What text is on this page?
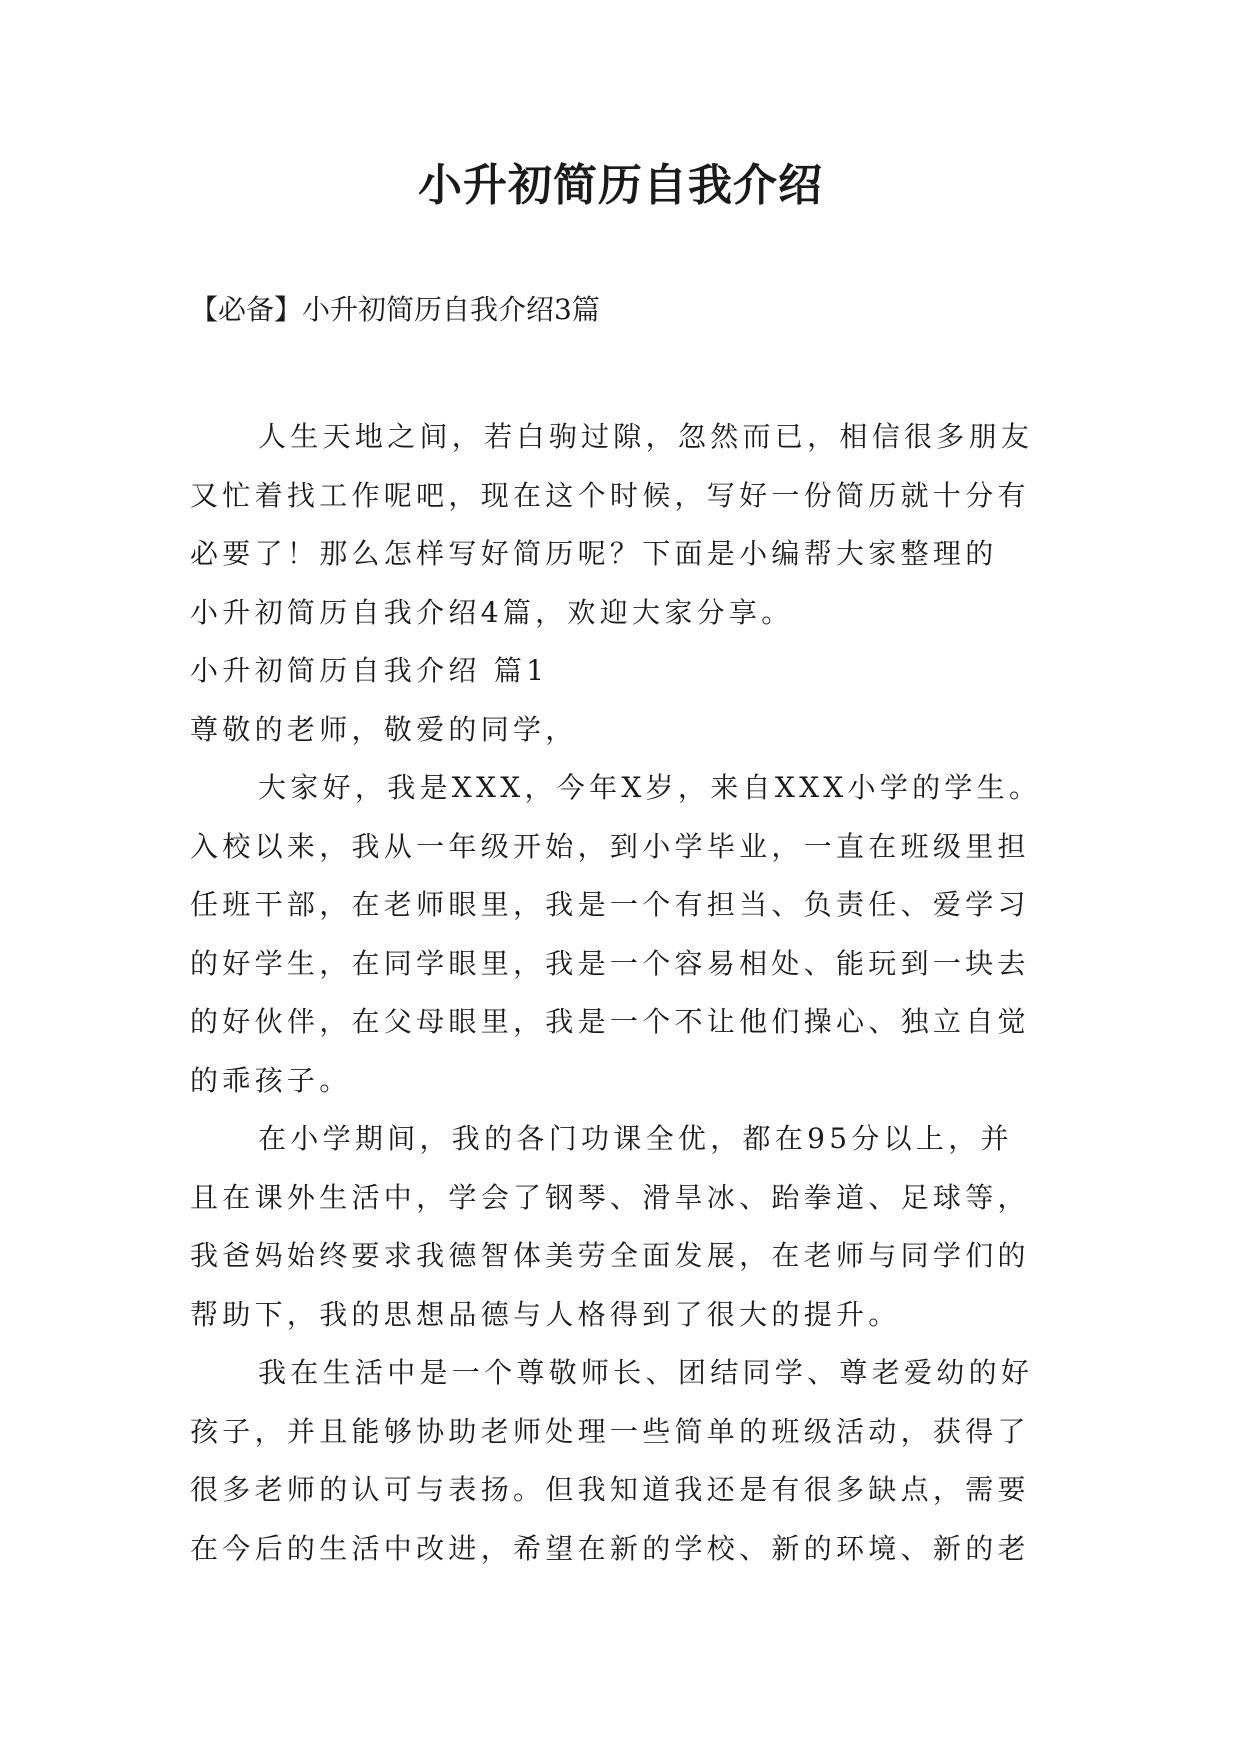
小升初简历自我介绍

【必备】小升初简历自我介绍3篇

人生天地之间，若白驹过隙，忽然而已，相信很多朋友
又忙着找工作呢吧，现在这个时候，写好一份简历就十分有
必要了！那么怎样写好简历呢？下面是小编帮大家整理的
小升初简历自我介绍4篇，欢迎大家分享。
小升初简历自我介绍 篇1
尊敬的老师，敬爱的同学，
大家好，我是XXX，今年X岁，来自XXX小学的学生。
入校以来，我从一年级开始，到小学毕业，一直在班级里担
任班干部，在老师眼里，我是一个有担当、负责任、爱学习
的好学生，在同学眼里，我是一个容易相处、能玩到一块去
的好伙伴，在父母眼里，我是一个不让他们操心、独立自觉
的乖孩子。
在小学期间，我的各门功课全优，都在95分以上，并
且在课外生活中，学会了钢琴、滑旱冰、跆拳道、足球等，
我爸妈始终要求我德智体美劳全面发展，在老师与同学们的
帮助下，我的思想品德与人格得到了很大的提升。
我在生活中是一个尊敬师长、团结同学、尊老爱幼的好
孩子，并且能够协助老师处理一些简单的班级活动，获得了
很多老师的认可与表扬。但我知道我还是有很多缺点，需要
在今后的生活中改进，希望在新的学校、新的环境、新的老
